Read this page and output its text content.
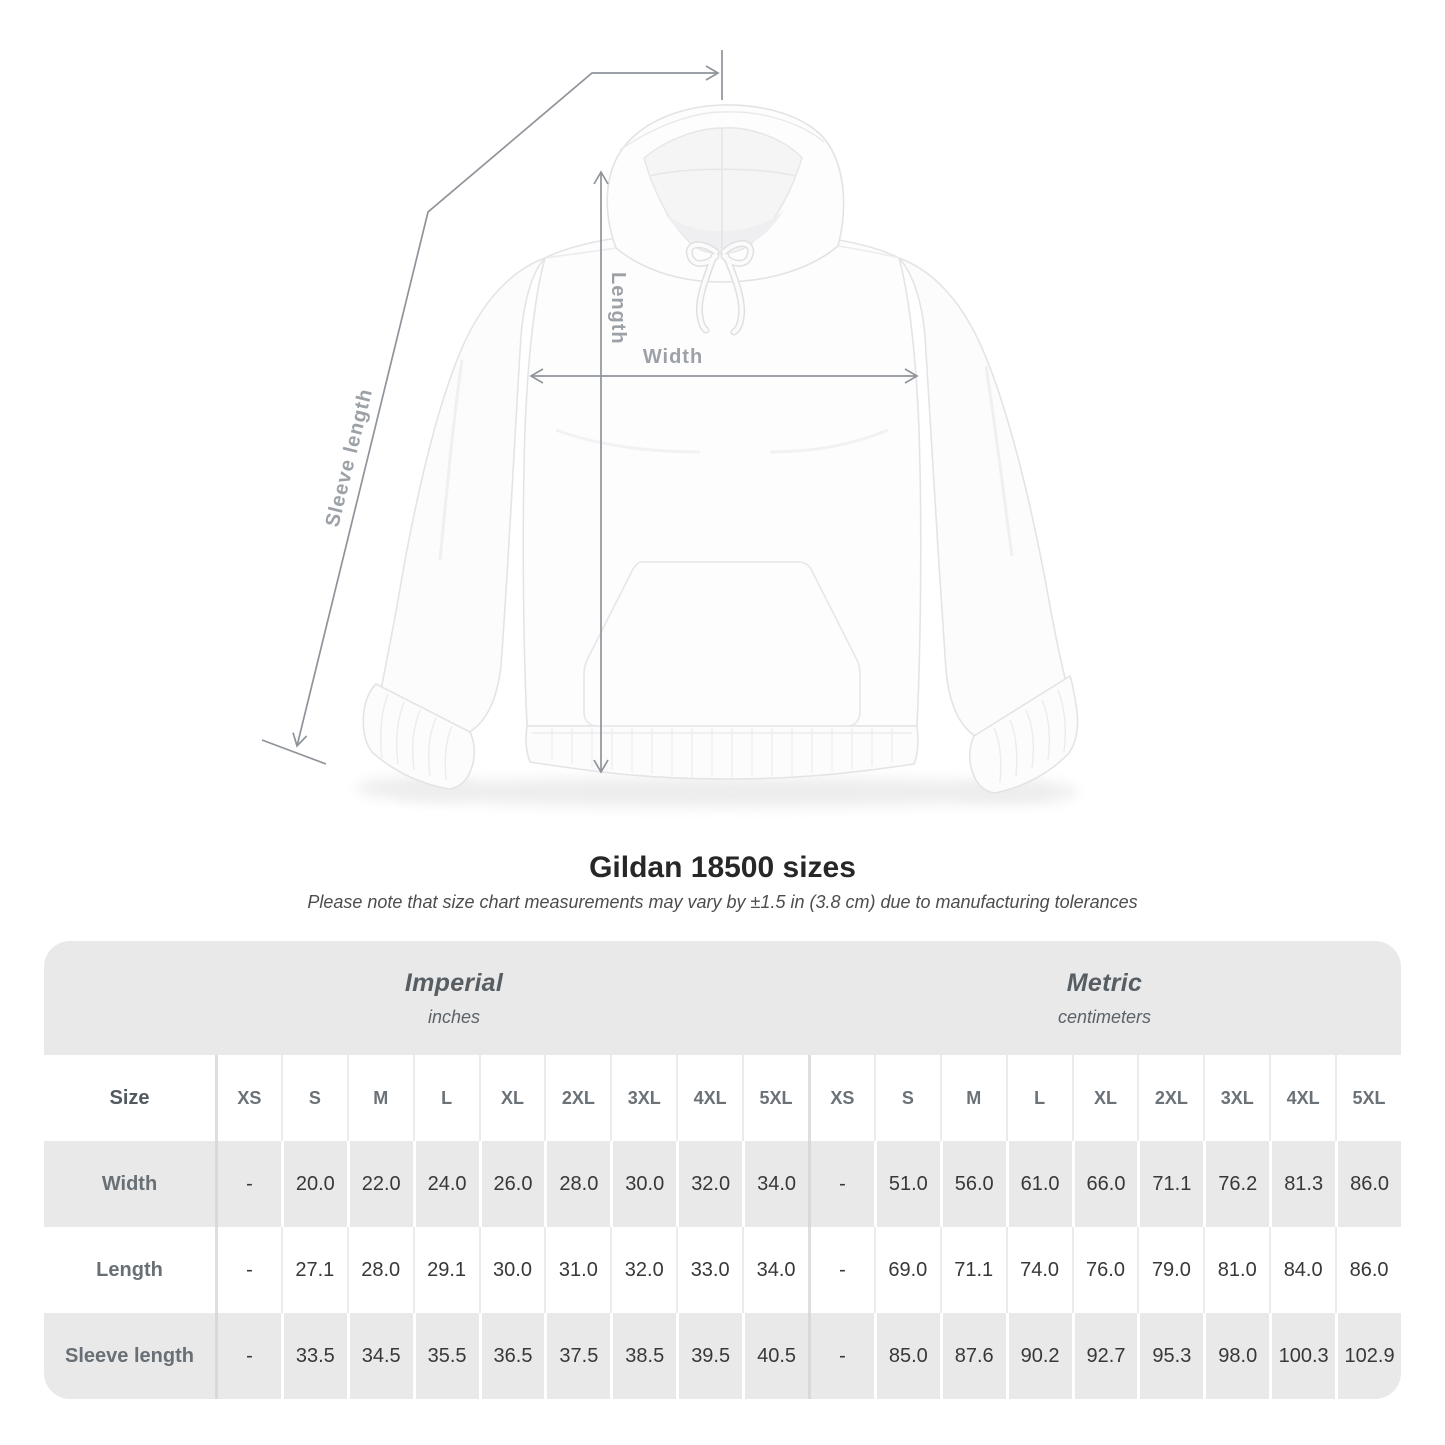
Length
Width
Sleeve length
Gildan 18500 sizes

Please note that size chart measurements may vary by ±1.5 in (3.8 cm) due to manufacturing tolerances

Imperial
inches
Metric
centimeters
Size	XS	S	M	L	XL	2XL	3XL	4XL	5XL	XS	S	M	L	XL	2XL	3XL	4XL	5XL
Width	-	20.0	22.0	24.0	26.0	28.0	30.0	32.0	34.0	-	51.0	56.0	61.0	66.0	71.1	76.2	81.3	86.0
Length	-	27.1	28.0	29.1	30.0	31.0	32.0	33.0	34.0	-	69.0	71.1	74.0	76.0	79.0	81.0	84.0	86.0
Sleeve length	-	33.5	34.5	35.5	36.5	37.5	38.5	39.5	40.5	-	85.0	87.6	90.2	92.7	95.3	98.0	100.3 102.9
